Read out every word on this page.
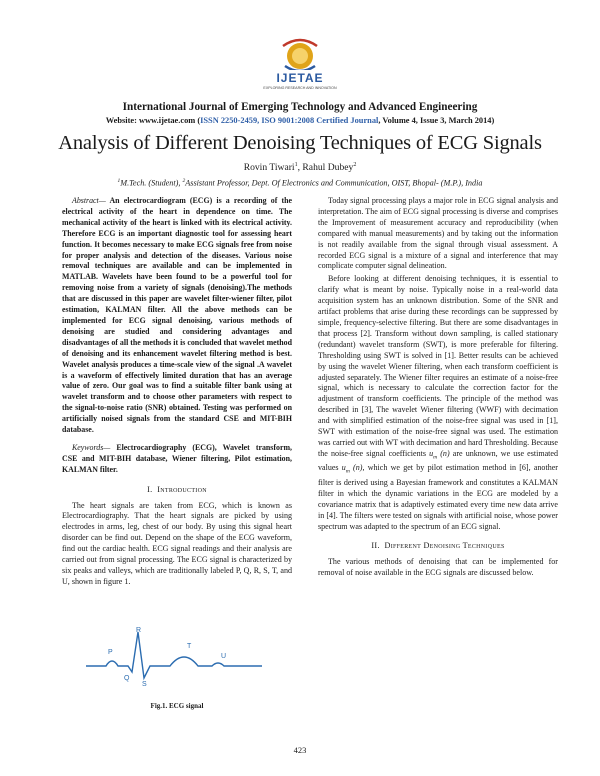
IJETAE
EXPLORING RESEARCH AND INNOVATION
International Journal of Emerging Technology and Advanced Engineering
Website: www.ijetae.com (ISSN 2250-2459, ISO 9001:2008 Certified Journal, Volume 4, Issue 3, March 2014)
Analysis of Different Denoising Techniques of ECG Signals
Rovin Tiwari$^1$, Rahul Dubey$^2$
$^1$M.Tech. (Student), $^2$Assistant Professor, Dept. Of Electronics and Communication, OIST, Bhopal- (M.P.), India

Abstract— An electrocardiogram (ECG) is a recording of the electrical activity of the heart in dependence on time. The mechanical activity of the heart is linked with its electrical activity. Therefore ECG is an important diagnostic tool for assessing heart function. It becomes necessary to make ECG signals free from noise for proper analysis and detection of the diseases. Various noise removal techniques are available and can be implemented in MATLAB. Wavelets have been found to be a powerful tool for removing noise from a variety of signals (denoising).The methods that are discussed in this paper are wavelet filter-wiener filter, pilot estimation, KALMAN filter. All the above methods can be implemented for ECG signal denoising, various methods of denoising are studied and considering advantages and disadvantages of all the methods it is concluded that wavelet method of denoising and its enhancement wavelet filtering method is best. Wavelet analysis produces a time-scale view of the signal .A wavelet is a waveform of effectively limited duration that has an average value of zero. Our goal was to find a suitable filter bank using at wavelet transform and to choose other parameters with respect to the signal-to-noise ratio (SNR) obtained. Testing was performed on artificially noised signals from the standard CSE and MIT-BIH database.

Keywords— Electrocardiography (ECG), Wavelet transform, CSE and MIT-BIH database, Wiener filtering, Pilot estimation, KALMAN filter.

I. Introduction

The heart signals are taken from ECG, which is known as Electrocardiography. That the heart signals are picked by using electrodes in arms, leg, chest of our body. By using this signal heart disorder can be find out. Depend on the shape of the ECG waveform, find out the cardiac health. ECG signal readings and their analysis are carried out from signal processing. The ECG signal is characterized by six peaks and valleys, which are traditionally labeled P, Q, R, S, T, and U, shown in figure 1.

P
Q
R
S
T
U
Fig.1. ECG signal

Today signal processing plays a major role in ECG signal analysis and interpretation. The aim of ECG signal processing is diverse and comprises the Improvement of measurement accuracy and reproducibility (when compared with manual measurements) and by taking out the information is not readily available from the signal through visual assessment. A recorded ECG signal is a mixture of a signal and interference that may complicate computer signal delineation.

Before looking at different denoising techniques, it is essential to clarify what is meant by noise. Typically noise in a real-world data acquisition system has an unknown distribution. Some of the SNR and artifact problems that arise during these recordings can be suppressed by simple, frequency-selective filtering. But there are some disadvantages in that process [2]. Transform without down sampling, is called stationary (redundant) wavelet transform (SWT), is more preferable for filtering. Thresholding using SWT is solved in [1]. Better results can be achieved by using the wavelet Wiener filtering, when each transform coefficient is adjusted separately. The Wiener filter requires an estimate of a noise-free signal, which is necessary to calculate the correction factor for the adjustment of transform coefficients. The principle of the method was described in [3], The wavelet Wiener filtering (WWF) with decimation and with simplified estimation of the noise-free signal was used in [1], SWT with estimation of the noise-free signal was used. The estimation was carried out with WT with decimation and hard Thresholding. Because the noise-free signal coefficients $u_m$ (n) are unknown, we use estimated values $u_m$ (n), which we get by pilot estimation method in [6], another filter is derived using a Bayesian framework and constitutes a KALMAN filter in which the dynamic variations in the ECG are modeled by a covariance matrix that is adaptively estimated every time new data arrive in [4]. The filters were tested on signals with artificial noise, whose power spectrum was adapted to the spectrum of an ECG signal.

II. Different Denoising Techniques

The various methods of denoising that can be implemented for removal of noise available in the ECG signals are discussed below.

423
